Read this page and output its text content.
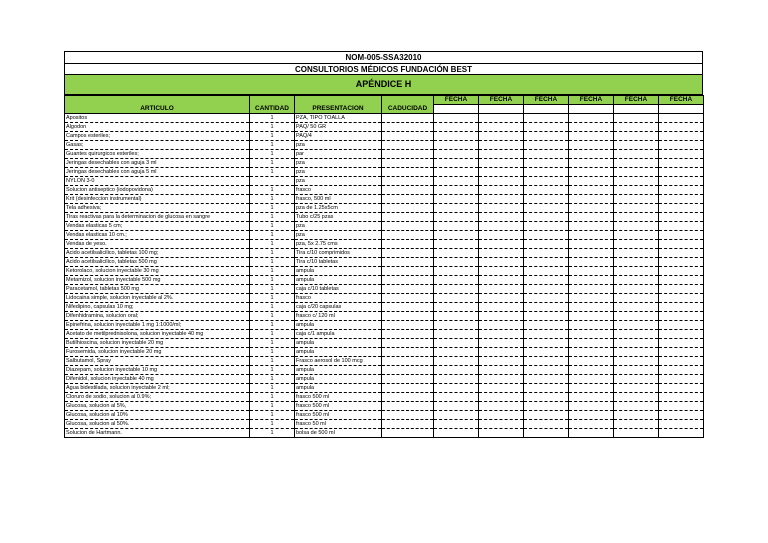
NOM-005-SSA32010
CONSULTORIOS MÉDICOS FUNDACIÓN BEST
APÉNDICE H
				FECHA	FECHA	FECHA	FECHA	FECHA	FECHA
ARTÍCULO	CANTIDAD	PRESENTACIÓN	CADUCIDAD						
Apositos	1	PZA, TIPO TOALLA							
Algodon	1	PAQ/ 50 GR							
Campos esteriles;	1	PAQ/4							
Gasas;	1	pza							
Guantes quirurgicos esteriles;	1	par							
Jeringas desechables con aguja 3 ml	1	pza							
Jeringas desechables con aguja 5 ml	1	pza							
NYLON 3-0		pza							
Solucion antiseptico (iodopovidona)	1	frasco							
Krit (desinfeccion instrumental)	1	frasco, 500 ml							
Tela adhesiva;	1	pza de 1.25x5cm							
Tiras reactivas para la determinacion de glucosa en sangre	1	Tubo c/25 pzas							
Vendas elasticas 5 cm;	1	pza							
Vendas elasticas 10 cm.;	1	pza							
Vendas de yeso.	1	pza, 5x 2.75 cms							
Acido acetilsalicilico, tabletas 100 mg;	1	Tira c/10 comprimidos							
Acido acetilsalicilico, tabletas 500 mg	1	Tira c/10 tabletas							
Ketorolaco, solucion inyectable 30 mg	1	ampula							
Metamizol, solucion inyectable 500 mg	1	ampula							
Paracetamol, tabletas 500 mg	1	caja c/10 tabletas							
Lidocaina simple, solucion inyectable al 2%.	1	frasco							
Nifedipino, capsulas 10 mg;	1	caja c/20 capsulas							
Difenhidramina, solucion oral;	1	frasco c/ 120 ml							
Epinefrina, solucion inyectable 1 mg 1:1000/ml;	1	ampula							
Acetato de metilprednisolona, solucion inyectable 40 mg	1	caja c/1 ampula							
Butilhioscina, solucion inyectable 20 mg	1	ampula							
Furosemida, solucion inyectable 20 mg	1	ampula							
Salbutamol, Spray	1	Frasco aerosol de 100 mcg							
Diazepam, solucion inyectable 10 mg	1	ampula							
Difenidol, solucion inyectable 40 mg	1	ampula							
Agua bidestilada, solucion inyectable 2 ml;	1	ampula							
Cloruro de sodio, solucion al 0.9%;	1	frasco 500 ml							
Glucosa, solucion al 5%,	1	frasco 500 ml							
Glucosa, solucion al 10%	1	frasco 500 ml							
Glucosa, solucion al 50%.	1	frasco 50 ml							
Solucion de Hartmann.	1	bolsa de 500 ml							
